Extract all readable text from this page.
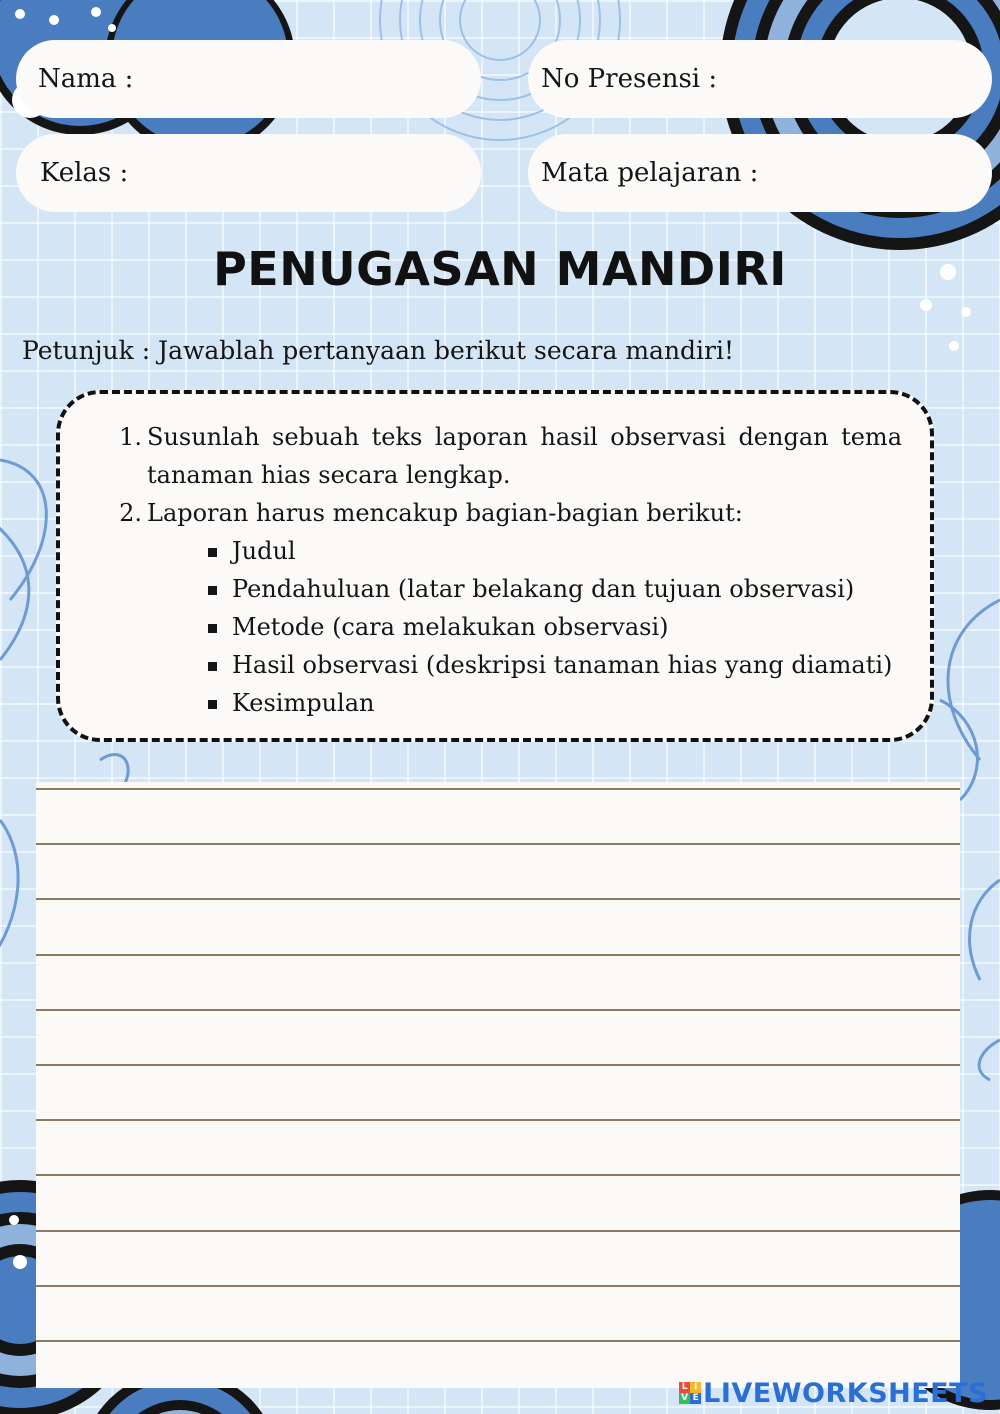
Nama :	No Presensi :
Kelas :	Mata pelajaran :
PENUGASAN MANDIRI
Petunjuk : Jawablah pertanyaan berikut secara mandiri!
1. Susunlah sebuah teks laporan hasil observasi dengan tema
tanaman hias secara lengkap.
2. Laporan harus mencakup bagian-bagian berikut:
Judul
Pendahuluan (latar belakang dan tujuan observasi)
Metode (cara melakukan observasi)
Hasil observasi (deskripsi tanaman hias yang diamati)
Kesimpulan
L I
V E LIVEWORKSHEETS
